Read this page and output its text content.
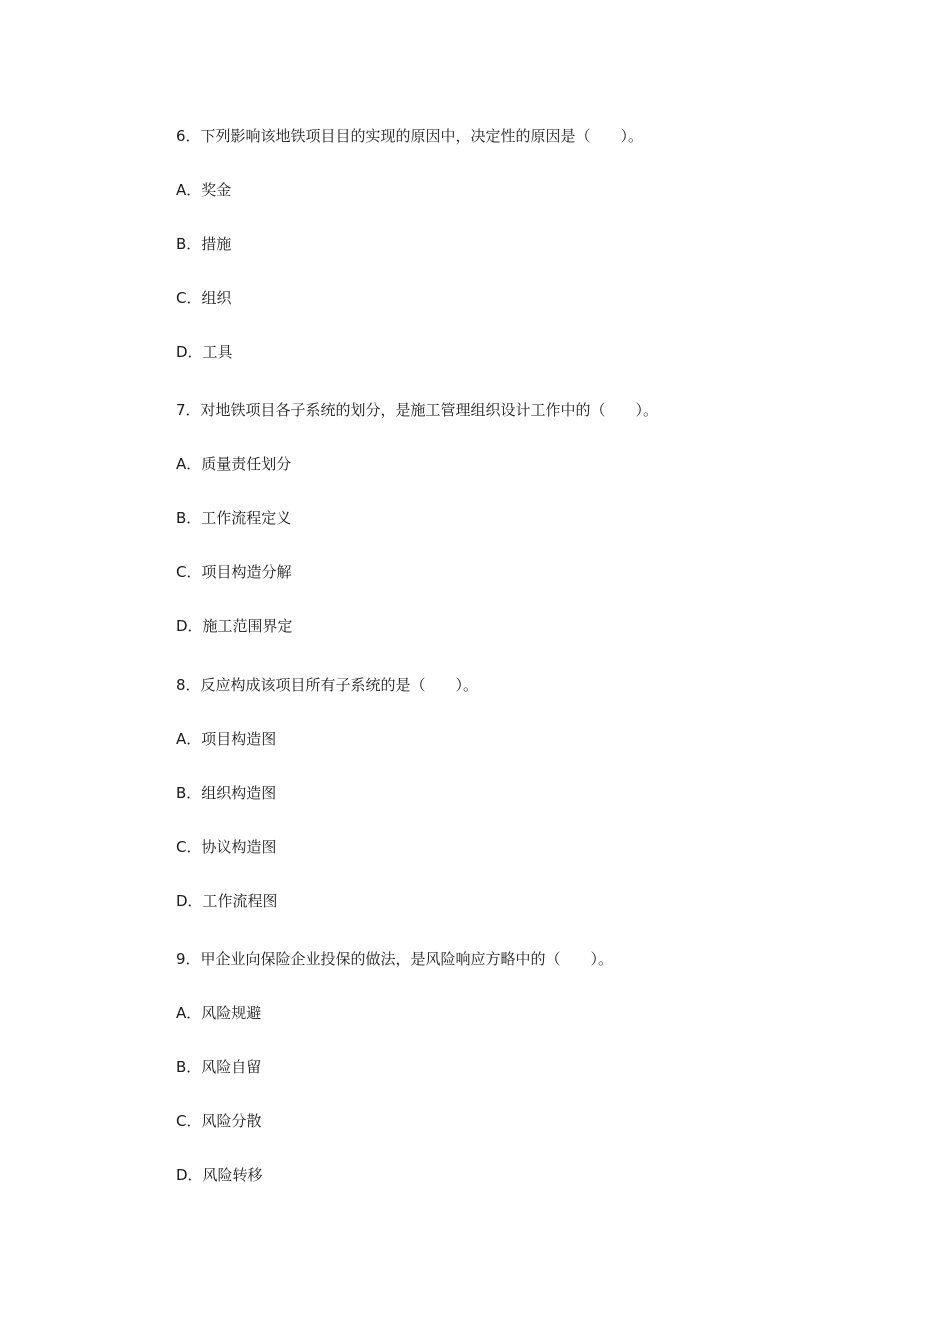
6．下列影响该地铁项目目的实现的原因中，决定性的原因是（　　）。
A．奖金
B．措施
C．组织
D．工具
7．对地铁项目各子系统的划分，是施工管理组织设计工作中的（　　）。
A．质量责任划分
B．工作流程定义
C．项目构造分解
D．施工范围界定
8．反应构成该项目所有子系统的是（　　）。
A．项目构造图
B．组织构造图
C．协议构造图
D．工作流程图
9．甲企业向保险企业投保的做法，是风险响应方略中的（　　）。
A．风险规避
B．风险自留
C．风险分散
D．风险转移
